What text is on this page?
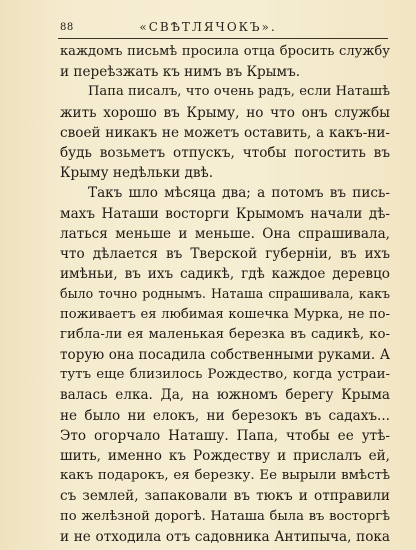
88	«СВѢТЛЯЧОКЪ».
каждомъ письмѣ просила отца бросить службу
и переѣзжать къ нимъ въ Крымъ.
Папа писалъ, что очень радъ, если Наташѣ
жить хорошо въ Крыму, но что онъ службы
своей никакъ не можетъ оставить, а какъ-ни-
будь возьметъ отпускъ, чтобы погостить въ
Крыму недѣльки двѣ.
Такъ шло мѣсяца два; а потомъ въ пись-
махъ Наташи восторги Крымомъ начали дѣ-
латься меньше и меньше. Она спрашивала,
что дѣлается въ Тверской губерніи, въ ихъ
имѣньи, въ ихъ садикѣ, гдѣ каждое деревцо
было точно роднымъ. Наташа спрашивала, какъ
поживаетъ ея любимая кошечка Мурка, не по-
гибла-ли ея маленькая березка въ садикѣ, ко-
торую она посадила собственными руками. А
тутъ еще близилось Рождество, когда устраи-
валась елка. Да, на южномъ берегу Крыма
не было ни елокъ, ни березокъ въ садахъ...
Это огорчало Наташу. Папа, чтобы ее утѣ-
шить, именно къ Рождеству и прислалъ ей,
какъ подарокъ, ея березку. Ее вырыли вмѣстѣ
съ землей, запаковали въ тюкъ и отправили
по желѣзной дорогѣ. Наташа была въ восторгѣ
и не отходила отъ садовника Антипыча, пока
